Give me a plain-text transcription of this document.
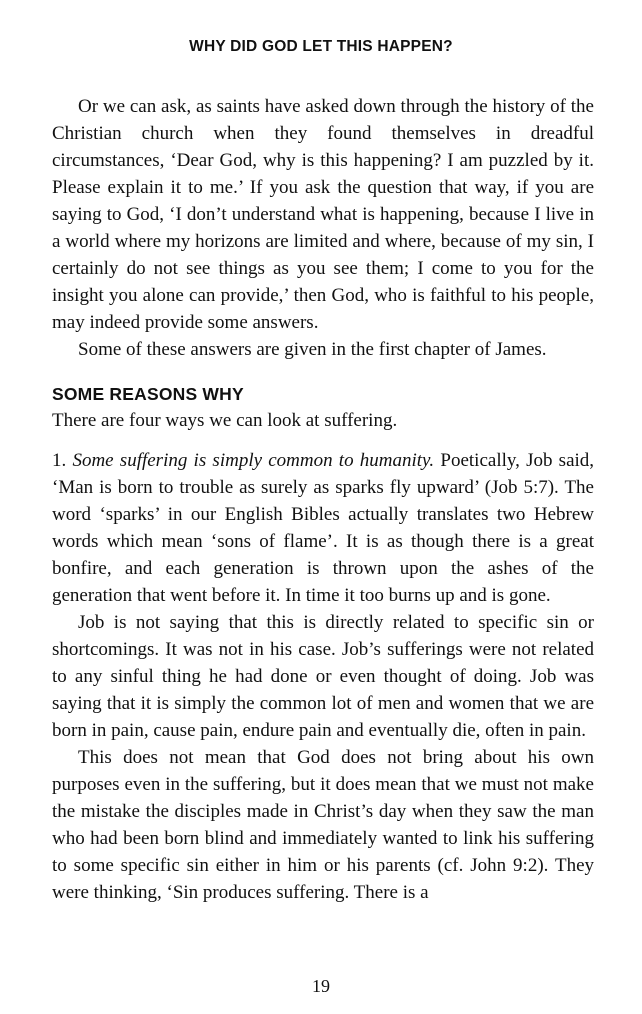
WHY DID GOD LET THIS HAPPEN?

Or we can ask, as saints have asked down through the history of the Christian church when they found themselves in dreadful circumstances, ‘Dear God, why is this happening? I am puzzled by it. Please explain it to me.’ If you ask the question that way, if you are saying to God, ‘I don’t understand what is happening, because I live in a world where my horizons are limited and where, because of my sin, I certainly do not see things as you see them; I come to you for the insight you alone can provide,’ then God, who is faithful to his people, may indeed provide some answers.

Some of these answers are given in the first chapter of James.

SOME REASONS WHY

There are four ways we can look at suffering.

1. Some suffering is simply common to humanity. Poetically, Job said, ‘Man is born to trouble as surely as sparks fly upward’ (Job 5:7). The word ‘sparks’ in our English Bibles actually translates two Hebrew words which mean ‘sons of flame’. It is as though there is a great bonfire, and each generation is thrown upon the ashes of the generation that went before it. In time it too burns up and is gone.

Job is not saying that this is directly related to specific sin or shortcomings. It was not in his case. Job’s sufferings were not related to any sinful thing he had done or even thought of doing. Job was saying that it is simply the common lot of men and women that we are born in pain, cause pain, endure pain and eventually die, often in pain.

This does not mean that God does not bring about his own purposes even in the suffering, but it does mean that we must not make the mistake the disciples made in Christ’s day when they saw the man who had been born blind and immediately wanted to link his suffering to some specific sin either in him or his parents (cf. John 9:2). They were thinking, ‘Sin produces suffering. There is a

19
